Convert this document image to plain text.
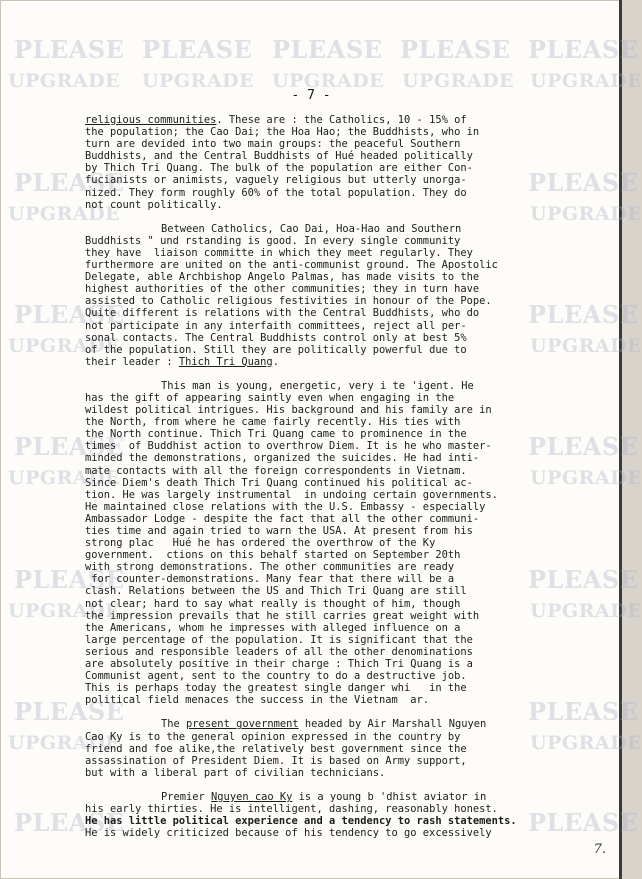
PLEASE PLEASE PLEASE PLEASE PLEASE
UPGRADE UPGRADE UPGRADE UPGRADE UPGRADE
PLEASE	PLEASE
UPGRADE	UPGRADE
PLEASE	PLEASE
UPGRADE	UPGRADE
PLEASE	PLEASE
UPGRADE	UPGRADE
PLEASE	PLEASE
UPGRADE	UPGRADE
PLEASE	PLEASE
UPGRADE	UPGRADE
PLEASE	PLEASE
- 7 -
religious communities. These are : the Catholics, 10 - 15% of
the population; the Cao Dai; the Hoa Hao; the Buddhists, who in
turn are devided into two main groups: the peaceful Southern
Buddhists, and the Central Buddhists of Hué headed politically
by Thich Tri Quang. The bulk of the population are either Con-
fucianists or animists, vaguely religious but utterly unorga-
nized. They form roughly 60% of the total population. They do
not count politically.
Between Catholics, Cao Dai, Hoa-Hao and Southern
Buddhists " und rstanding is good. In every single community
they have  liaison committe in which they meet regularly. They
furthermore are united on the anti-communist ground. The Apostolic
Delegate, able Archbishop Angelo Palmas, has made visits to the
highest authorities of the other communities; they in turn have
assisted to Catholic religious festivities in honour of the Pope.
Quite different is relations with the Central Buddhists, who do
not participate in any interfaith committees, reject all per-
sonal contacts. The Central Buddhists control only at best 5%
of the population. Still they are politically powerful due to
their leader : Thich Tri Quang.
This man is young, energetic, very i te 'igent. He
has the gift of appearing saintly even when engaging in the
wildest political intrigues. His background and his family are in
the North, from where he came fairly recently. His ties with
the North continue. Thich Tri Quang came to prominence in the
times  of Buddhist action to overthrow Diem. It is he who master-
minded the demonstrations, organized the suicides. He had inti-
mate contacts with all the foreign correspondents in Vietnam.
Since Diem's death Thich Tri Quang continued his political ac-
tion. He was largely instrumental  in undoing certain governments.
He maintained close relations with the U.S. Embassy - especially
Ambassador Lodge - despite the fact that all the other communi-
ties time and again tried to warn the USA. At present from his
strong plac   Hué he has ordered the overthrow of the Ky
government.  ctions on this behalf started on September 20th
with strong demonstrations. The other communities are ready
for counter-demonstrations. Many fear that there will be a
clash. Relations between the US and Thich Tri Quang are still
not clear; hard to say what really is thought of him, though
the impression prevails that he still carries great weight with
the Americans, whom he impresses with alleged influence on a
large percentage of the population. It is significant that the
serious and responsible leaders of all the other denominations
are absolutely positive in their charge : Thich Tri Quang is a
Communist agent, sent to the country to do a destructive job.
This is perhaps today the greatest single danger whi   in the
political field menaces the success in the Vietnam  ar.
The present government headed by Air Marshall Nguyen
Cao Ky is to the general opinion expressed in the country by
friend and foe alike,the relatively best government since the
assassination of President Diem. It is based on Army support,
but with a liberal part of civilian technicians.
Premier Nguyen cao Ky is a young b 'dhist aviator in
his early thirties. He is intelligent, dashing, reasonably honest.
He has little political experience and a tendency to rash statements.
He is widely criticized because of his tendency to go excessively
7.
